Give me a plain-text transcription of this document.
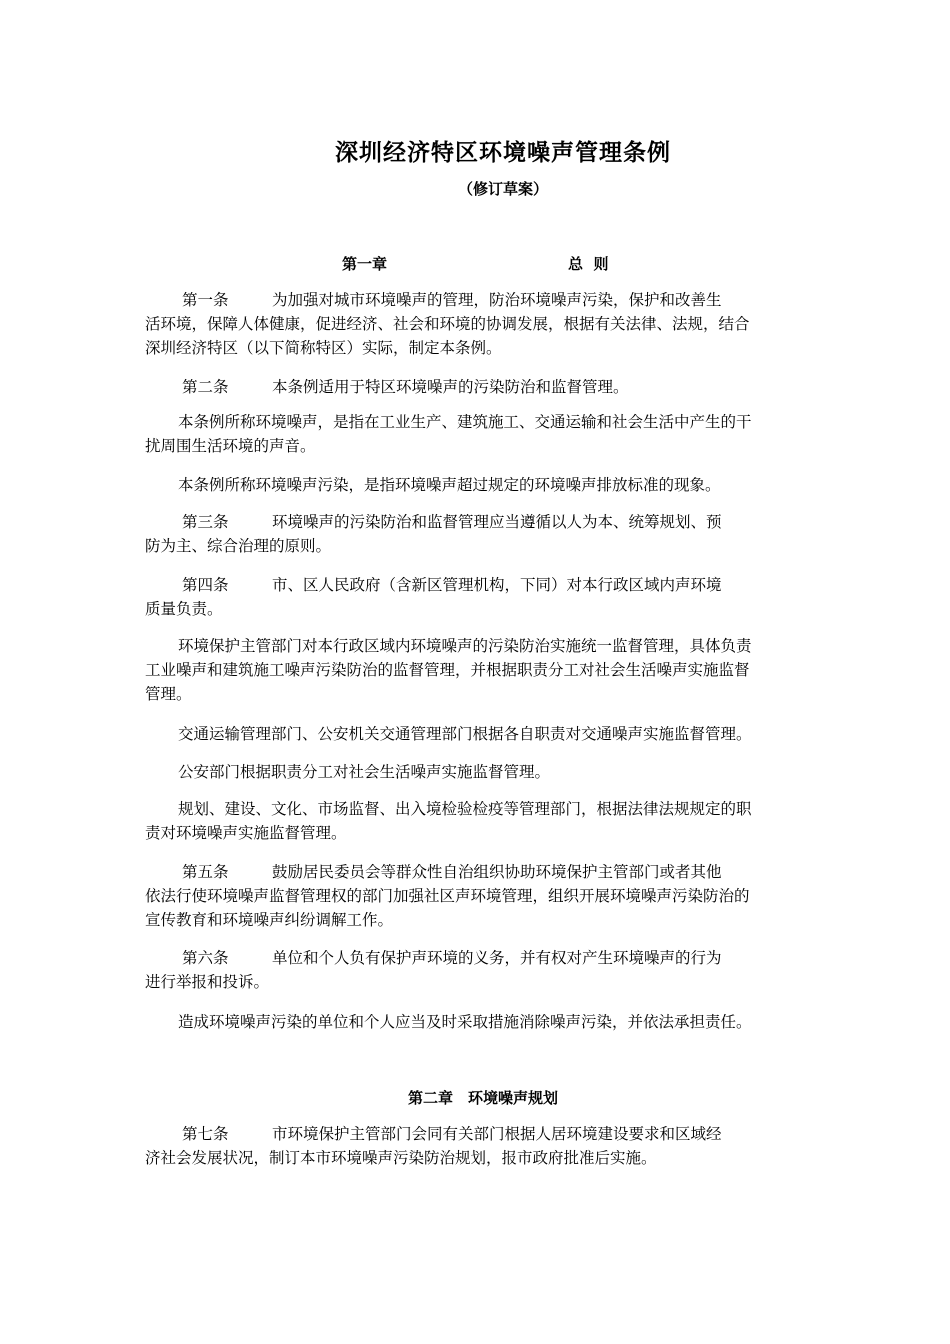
深圳经济特区环境噪声管理条例
（修订草案）
第一章	总  则
第一条	为加强对城市环境噪声的管理，防治环境噪声污染，保护和改善生
活环境，保障人体健康，促进经济、社会和环境的协调发展，根据有关法律、法规，结合
深圳经济特区（以下简称特区）实际，制定本条例。
第二条	本条例适用于特区环境噪声的污染防治和监督管理。
本条例所称环境噪声，是指在工业生产、建筑施工、交通运输和社会生活中产生的干
扰周围生活环境的声音。
本条例所称环境噪声污染，是指环境噪声超过规定的环境噪声排放标准的现象。
第三条	环境噪声的污染防治和监督管理应当遵循以人为本、统筹规划、预
防为主、综合治理的原则。
第四条	市、区人民政府（含新区管理机构，下同）对本行政区域内声环境
质量负责。
环境保护主管部门对本行政区域内环境噪声的污染防治实施统一监督管理，具体负责
工业噪声和建筑施工噪声污染防治的监督管理，并根据职责分工对社会生活噪声实施监督
管理。
交通运输管理部门、公安机关交通管理部门根据各自职责对交通噪声实施监督管理。
公安部门根据职责分工对社会生活噪声实施监督管理。
规划、建设、文化、市场监督、出入境检验检疫等管理部门，根据法律法规规定的职
责对环境噪声实施监督管理。
第五条	鼓励居民委员会等群众性自治组织协助环境保护主管部门或者其他
依法行使环境噪声监督管理权的部门加强社区声环境管理，组织开展环境噪声污染防治的
宣传教育和环境噪声纠纷调解工作。
第六条	单位和个人负有保护声环境的义务，并有权对产生环境噪声的行为
进行举报和投诉。
造成环境噪声污染的单位和个人应当及时采取措施消除噪声污染，并依法承担责任。
第七条	市环境保护主管部门会同有关部门根据人居环境建设要求和区域经
济社会发展状况，制订本市环境噪声污染防治规划，报市政府批准后实施。
第二章　环境噪声规划
